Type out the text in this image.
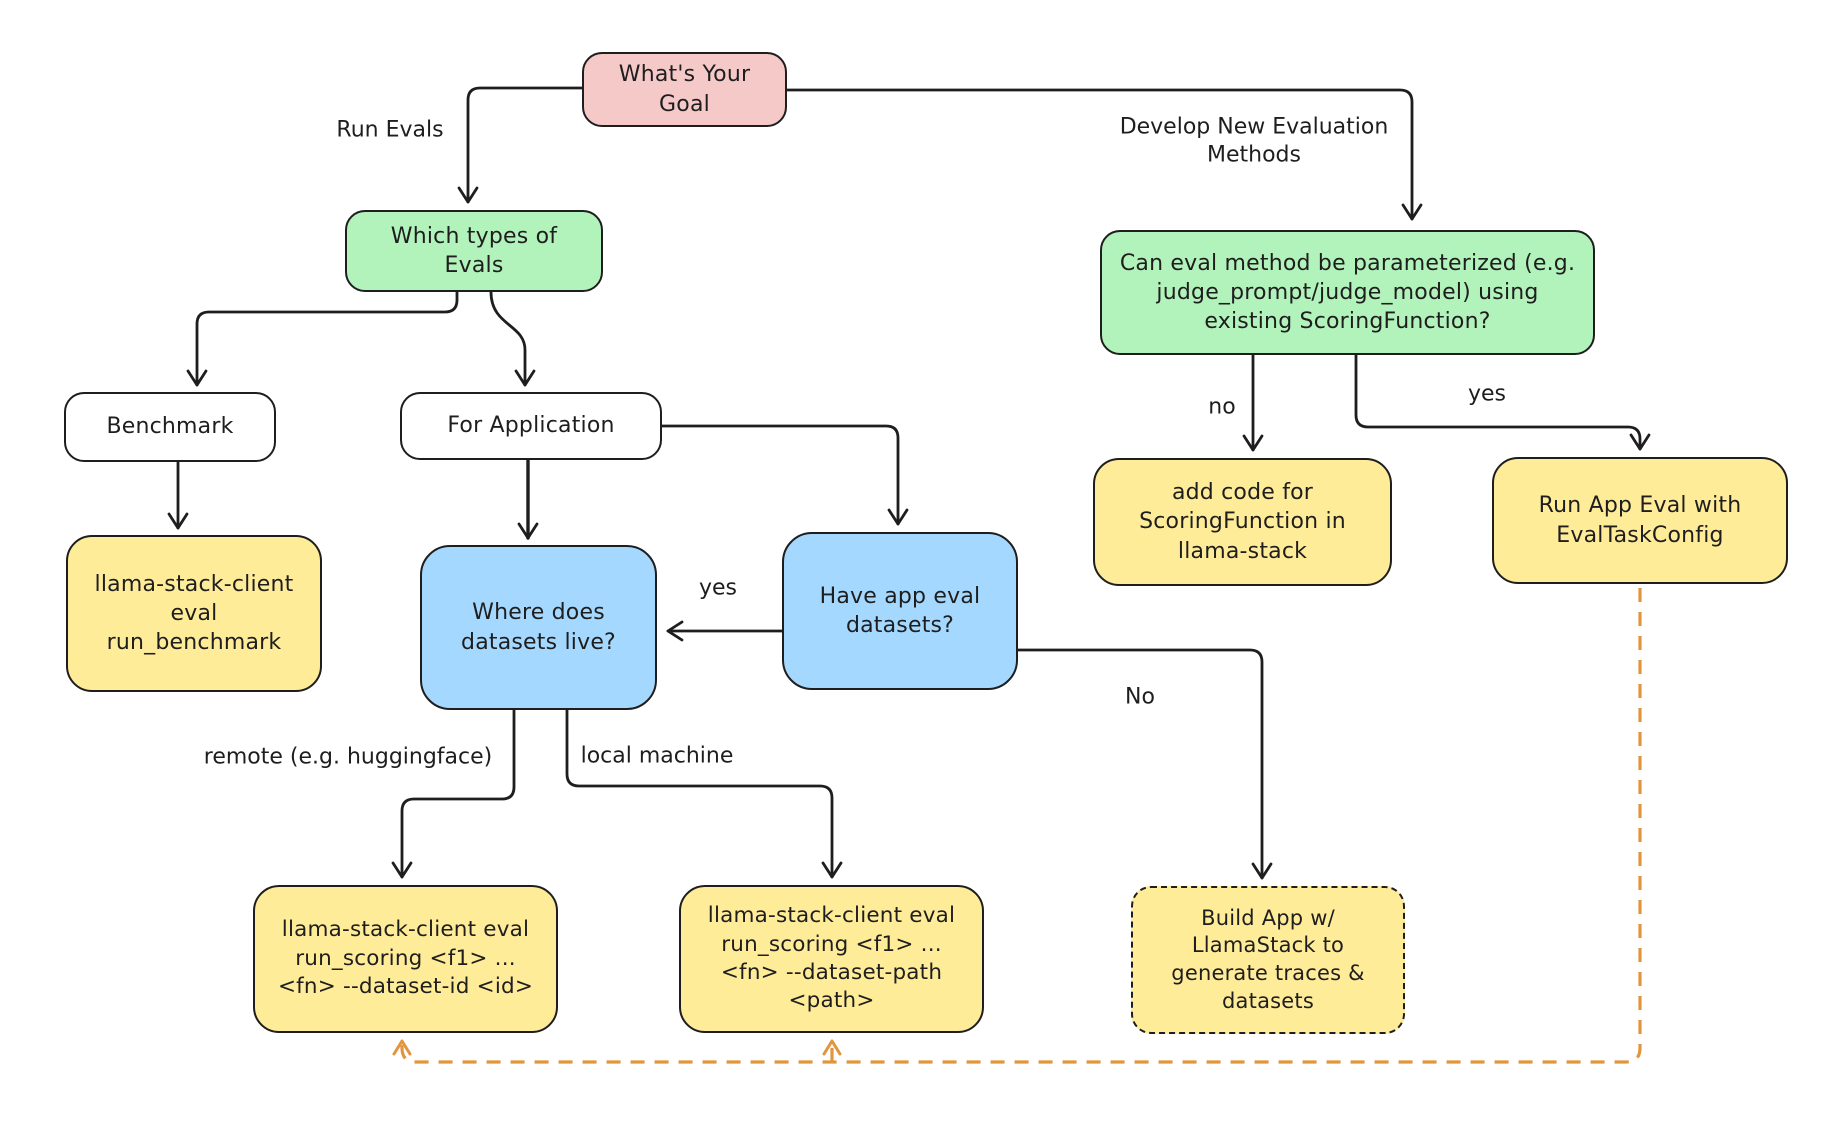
What's Your Goal
Which types of Evals	Can eval method be parameterized (e.g. judge_prompt/judge_model) using existing ScoringFunction?
Benchmark	For Application
llama-stack-client eval run_benchmark
Where does datasets live?
Have app eval datasets?
add code for ScoringFunction in llama-stack
Run App Eval with EvalTaskConfig
llama-stack-client eval run_scoring <f1> ... <fn> --dataset-id <id>
llama-stack-client eval run_scoring <f1> ... <fn> --dataset-path <path>
Build App w/ LlamaStack to generate traces & datasets
Run Evals	Develop New Evaluation Methods
no
yes
yes
No
remote (e.g. huggingface)	local machine
